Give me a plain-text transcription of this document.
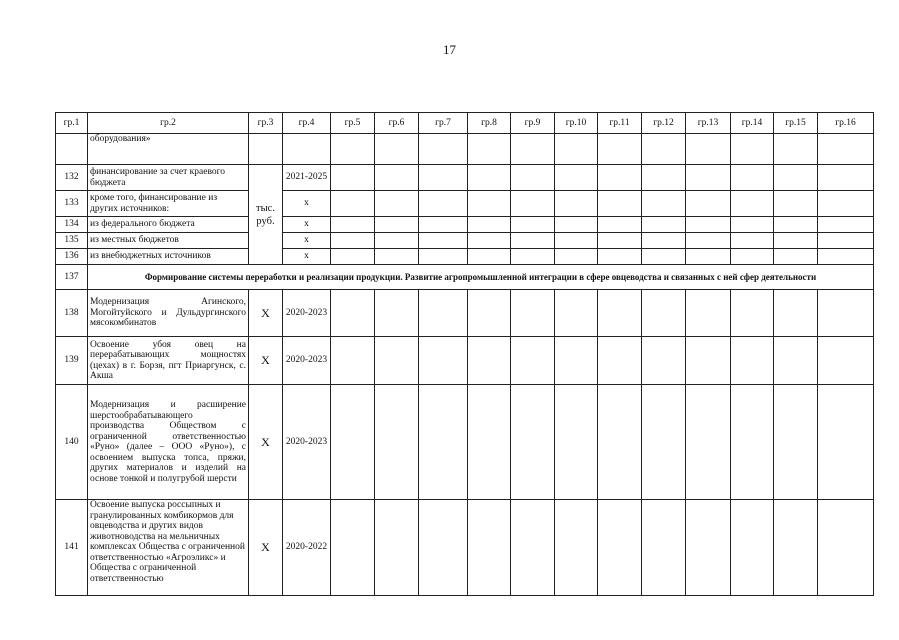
17
гр.1	гр.2	гр.3	гр.4	гр.5	гр.6	гр.7	гр.8	гр.9	гр.10	гр.11	гр.12	гр.13	гр.14	гр.15	гр.16
	оборудования»														
132	финансирование за счет краевого бюджета	тыс. руб.	2021-2025												
133	кроме того, финансирование из других источников:		х												
134	из федерального бюджета		х												
135	из местных бюджетов		х												
136	из внебюджетных источников		х												
137	Формирование системы переработки и реализации продукции. Развитие агропромышленной интеграции в сфере овцеводства и связанных с ней сфер деятельности														
138	Модернизация Агинского, Могойтуйского и Дульдургинского мясокомбинатов	Х	2020-2023												
139	Освоение убоя овец на перерабатывающих мощностях (цехах) в г. Борзя, пгт Приаргунск, с. Акша	Х	2020-2023												
140	Модернизация и расширение шерстообрабатывающего производства Обществом с ограниченной ответственностью «Руно» (далее – ООО «Руно»), с освоением выпуска топса, пряжи, других материалов и изделий на основе тонкой и полугрубой шерсти	Х	2020-2023												
141	Освоение выпуска россыпных и гранулированных комбикормов для овцеводства и других видов животноводства на мельничных комплексах Общества с ограниченной ответственностью «Агроэликс» и Общества с ограниченной ответственностью	Х	2020-2022												
